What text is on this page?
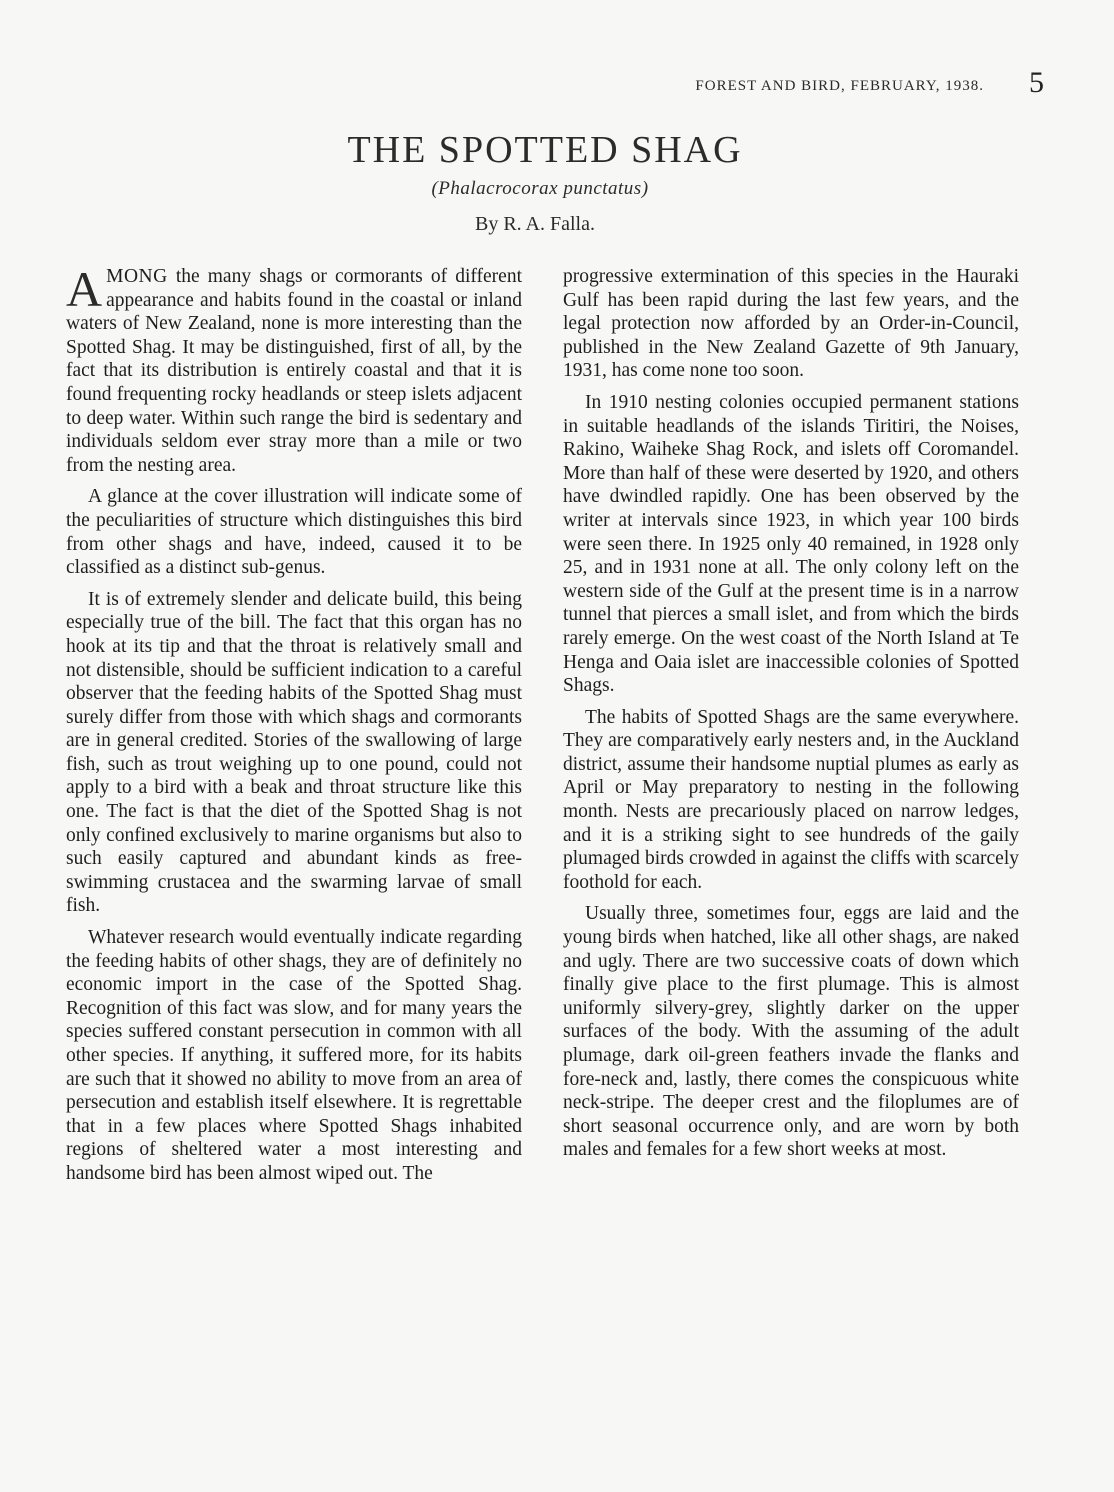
FOREST AND BIRD, FEBRUARY, 1938. 5
THE SPOTTED SHAG
(Phalacrocorax punctatus)
By R. A. Falla.

AMONG the many shags or cormorants of different appearance and habits found in the coastal or inland waters of New Zealand, none is more interesting than the Spotted Shag. It may be distinguished, first of all, by the fact that its distribution is entirely coastal and that it is found frequenting rocky headlands or steep islets adjacent to deep water. Within such range the bird is sedentary and individuals seldom ever stray more than a mile or two from the nesting area.

A glance at the cover illustration will indicate some of the peculiarities of structure which distinguishes this bird from other shags and have, indeed, caused it to be classified as a distinct sub-genus.

It is of extremely slender and delicate build, this being especially true of the bill. The fact that this organ has no hook at its tip and that the throat is relatively small and not distensible, should be sufficient indication to a careful observer that the feeding habits of the Spotted Shag must surely differ from those with which shags and cormorants are in general credited. Stories of the swallowing of large fish, such as trout weighing up to one pound, could not apply to a bird with a beak and throat structure like this one. The fact is that the diet of the Spotted Shag is not only confined exclusively to marine organisms but also to such easily captured and abundant kinds as free-swimming crustacea and the swarming larvae of small fish.

Whatever research would eventually indicate regarding the feeding habits of other shags, they are of definitely no economic import in the case of the Spotted Shag. Recognition of this fact was slow, and for many years the species suffered constant persecution in common with all other species. If anything, it suffered more, for its habits are such that it showed no ability to move from an area of persecution and establish itself elsewhere. It is regrettable that in a few places where Spotted Shags inhabited regions of sheltered water a most interesting and handsome bird has been almost wiped out. The

progressive extermination of this species in the Hauraki Gulf has been rapid during the last few years, and the legal protection now afforded by an Order-in-Council, published in the New Zealand Gazette of 9th January, 1931, has come none too soon.

In 1910 nesting colonies occupied permanent stations in suitable headlands of the islands Tiritiri, the Noises, Rakino, Waiheke Shag Rock, and islets off Coromandel. More than half of these were deserted by 1920, and others have dwindled rapidly. One has been observed by the writer at intervals since 1923, in which year 100 birds were seen there. In 1925 only 40 remained, in 1928 only 25, and in 1931 none at all. The only colony left on the western side of the Gulf at the present time is in a narrow tunnel that pierces a small islet, and from which the birds rarely emerge. On the west coast of the North Island at Te Henga and Oaia islet are inaccessible colonies of Spotted Shags.

The habits of Spotted Shags are the same everywhere. They are comparatively early nesters and, in the Auckland district, assume their handsome nuptial plumes as early as April or May preparatory to nesting in the following month. Nests are precariously placed on narrow ledges, and it is a striking sight to see hundreds of the gaily plumaged birds crowded in against the cliffs with scarcely foothold for each.

Usually three, sometimes four, eggs are laid and the young birds when hatched, like all other shags, are naked and ugly. There are two successive coats of down which finally give place to the first plumage. This is almost uniformly silvery-grey, slightly darker on the upper surfaces of the body. With the assuming of the adult plumage, dark oil-green feathers invade the flanks and fore-neck and, lastly, there comes the conspicuous white neck-stripe. The deeper crest and the filoplumes are of short seasonal occurrence only, and are worn by both males and females for a few short weeks at most.
